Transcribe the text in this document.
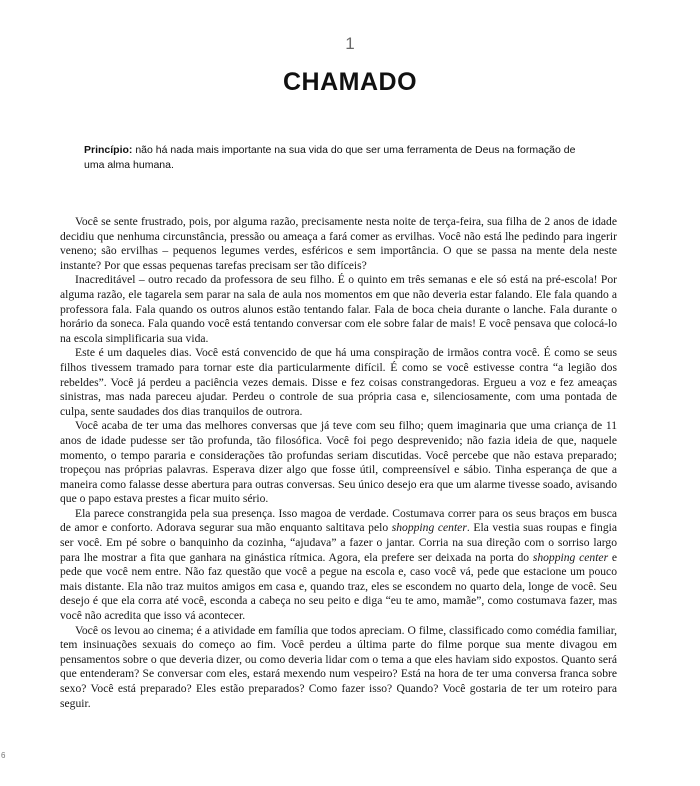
1
CHAMADO
Princípio: não há nada mais importante na sua vida do que ser uma ferramenta de Deus na formação de uma alma humana.

Você se sente frustrado, pois, por alguma razão, precisamente nesta noite de terça-feira, sua filha de 2 anos de idade decidiu que nenhuma circunstância, pressão ou ameaça a fará comer as ervilhas. Você não está lhe pedindo para ingerir veneno; são ervilhas – pequenos legumes verdes, esféricos e sem importância. O que se passa na mente dela neste instante? Por que essas pequenas tarefas precisam ser tão difíceis?

Inacreditável – outro recado da professora de seu filho. É o quinto em três semanas e ele só está na pré-escola! Por alguma razão, ele tagarela sem parar na sala de aula nos momentos em que não deveria estar falando. Ele fala quando a professora fala. Fala quando os outros alunos estão tentando falar. Fala de boca cheia durante o lanche. Fala durante o horário da soneca. Fala quando você está tentando conversar com ele sobre falar de mais! E você pensava que colocá-lo na escola simplificaria sua vida.

Este é um daqueles dias. Você está convencido de que há uma conspiração de irmãos contra você. É como se seus filhos tivessem tramado para tornar este dia particularmente difícil. É como se você estivesse contra “a legião dos rebeldes”. Você já perdeu a paciência vezes demais. Disse e fez coisas constrangedoras. Ergueu a voz e fez ameaças sinistras, mas nada pareceu ajudar. Perdeu o controle de sua própria casa e, silenciosamente, com uma pontada de culpa, sente saudades dos dias tranquilos de outrora.

Você acaba de ter uma das melhores conversas que já teve com seu filho; quem imaginaria que uma criança de 11 anos de idade pudesse ser tão profunda, tão filosófica. Você foi pego desprevenido; não fazia ideia de que, naquele momento, o tempo pararia e considerações tão profundas seriam discutidas. Você percebe que não estava preparado; tropeçou nas próprias palavras. Esperava dizer algo que fosse útil, compreensível e sábio. Tinha esperança de que a maneira como falasse desse abertura para outras conversas. Seu único desejo era que um alarme tivesse soado, avisando que o papo estava prestes a ficar muito sério.

Ela parece constrangida pela sua presença. Isso magoa de verdade. Costumava correr para os seus braços em busca de amor e conforto. Adorava segurar sua mão enquanto saltitava pelo shopping center. Ela vestia suas roupas e fingia ser você. Em pé sobre o banquinho da cozinha, “ajudava” a fazer o jantar. Corria na sua direção com o sorriso largo para lhe mostrar a fita que ganhara na ginástica rítmica. Agora, ela prefere ser deixada na porta do shopping center e pede que você nem entre. Não faz questão que você a pegue na escola e, caso você vá, pede que estacione um pouco mais distante. Ela não traz muitos amigos em casa e, quando traz, eles se escondem no quarto dela, longe de você. Seu desejo é que ela corra até você, esconda a cabeça no seu peito e diga “eu te amo, mamãe”, como costumava fazer, mas você não acredita que isso vá acontecer.

Você os levou ao cinema; é a atividade em família que todos apreciam. O filme, classificado como comédia familiar, tem insinuações sexuais do começo ao fim. Você perdeu a última parte do filme porque sua mente divagou em pensamentos sobre o que deveria dizer, ou como deveria lidar com o tema a que eles haviam sido expostos. Quanto será que entenderam? Se conversar com eles, estará mexendo num vespeiro? Está na hora de ter uma conversa franca sobre sexo? Você está preparado? Eles estão preparados? Como fazer isso? Quando? Você gostaria de ter um roteiro para seguir.

6
